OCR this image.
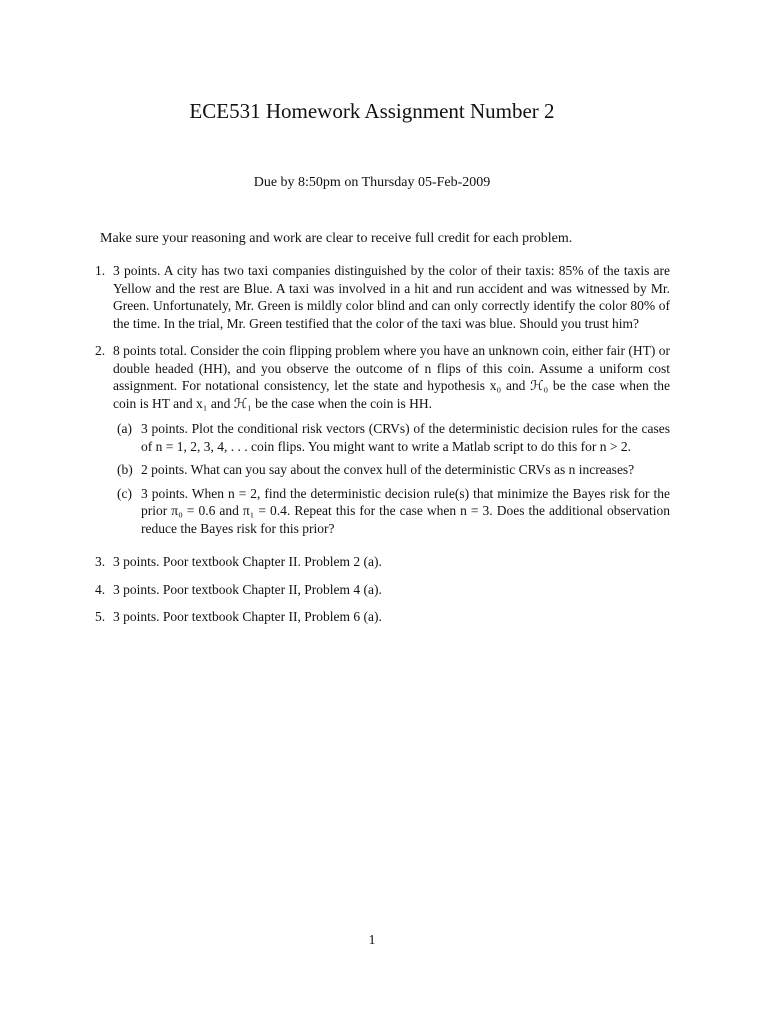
ECE531 Homework Assignment Number 2
Due by 8:50pm on Thursday 05-Feb-2009
Make sure your reasoning and work are clear to receive full credit for each problem.
1. 3 points. A city has two taxi companies distinguished by the color of their taxis: 85% of the taxis are Yellow and the rest are Blue. A taxi was involved in a hit and run accident and was witnessed by Mr. Green. Unfortunately, Mr. Green is mildly color blind and can only correctly identify the color 80% of the time. In the trial, Mr. Green testified that the color of the taxi was blue. Should you trust him?
2. 8 points total. Consider the coin flipping problem where you have an unknown coin, either fair (HT) or double headed (HH), and you observe the outcome of n flips of this coin. Assume a uniform cost assignment. For notational consistency, let the state and hypothesis x₀ and ℋ₀ be the case when the coin is HT and x₁ and ℋ₁ be the case when the coin is HH.
(a) 3 points. Plot the conditional risk vectors (CRVs) of the deterministic decision rules for the cases of n = 1, 2, 3, 4, . . . coin flips. You might want to write a Matlab script to do this for n > 2.
(b) 2 points. What can you say about the convex hull of the deterministic CRVs as n increases?
(c) 3 points. When n = 2, find the deterministic decision rule(s) that minimize the Bayes risk for the prior π₀ = 0.6 and π₁ = 0.4. Repeat this for the case when n = 3. Does the additional observation reduce the Bayes risk for this prior?
3. 3 points. Poor textbook Chapter II. Problem 2 (a).
4. 3 points. Poor textbook Chapter II, Problem 4 (a).
5. 3 points. Poor textbook Chapter II, Problem 6 (a).
1
